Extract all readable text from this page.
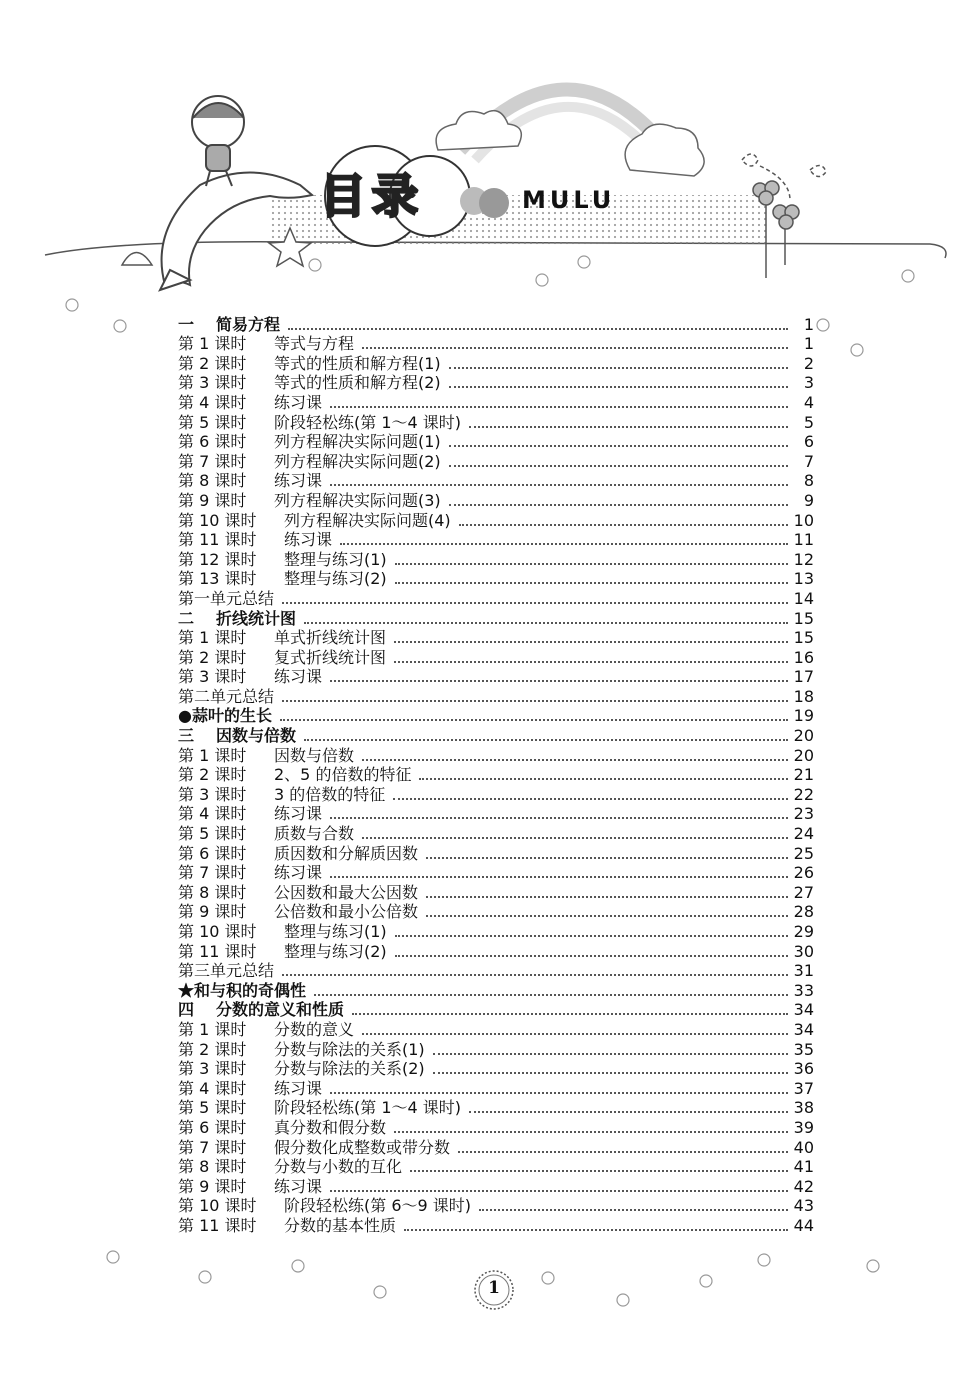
目录	MULU
一	简易方程	1
第 1 课时	等式与方程	1
第 2 课时	等式的性质和解方程(1)	2
第 3 课时	等式的性质和解方程(2)	3
第 4 课时	练习课	4
第 5 课时	阶段轻松练(第 1～4 课时)	5
第 6 课时	列方程解决实际问题(1)	6
第 7 课时	列方程解决实际问题(2)	7
第 8 课时	练习课	8
第 9 课时	列方程解决实际问题(3)	9
第 10 课时	列方程解决实际问题(4)	10
第 11 课时	练习课	11
第 12 课时	整理与练习(1)	12
第 13 课时	整理与练习(2)	13
第一单元总结	14
二	折线统计图	15
第 1 课时	单式折线统计图	15
第 2 课时	复式折线统计图	16
第 3 课时	练习课	17
第二单元总结	18
●蒜叶的生长	19
三	因数与倍数	20
第 1 课时	因数与倍数	20
第 2 课时	2、5 的倍数的特征	21
第 3 课时	3 的倍数的特征	22
第 4 课时	练习课	23
第 5 课时	质数与合数	24
第 6 课时	质因数和分解质因数	25
第 7 课时	练习课	26
第 8 课时	公因数和最大公因数	27
第 9 课时	公倍数和最小公倍数	28
第 10 课时	整理与练习(1)	29
第 11 课时	整理与练习(2)	30
第三单元总结	31
★和与积的奇偶性	33
四	分数的意义和性质	34
第 1 课时	分数的意义	34
第 2 课时	分数与除法的关系(1)	35
第 3 课时	分数与除法的关系(2)	36
第 4 课时	练习课	37
第 5 课时	阶段轻松练(第 1～4 课时)	38
第 6 课时	真分数和假分数	39
第 7 课时	假分数化成整数或带分数	40
第 8 课时	分数与小数的互化	41
第 9 课时	练习课	42
第 10 课时	阶段轻松练(第 6～9 课时)	43
第 11 课时	分数的基本性质	44
1
